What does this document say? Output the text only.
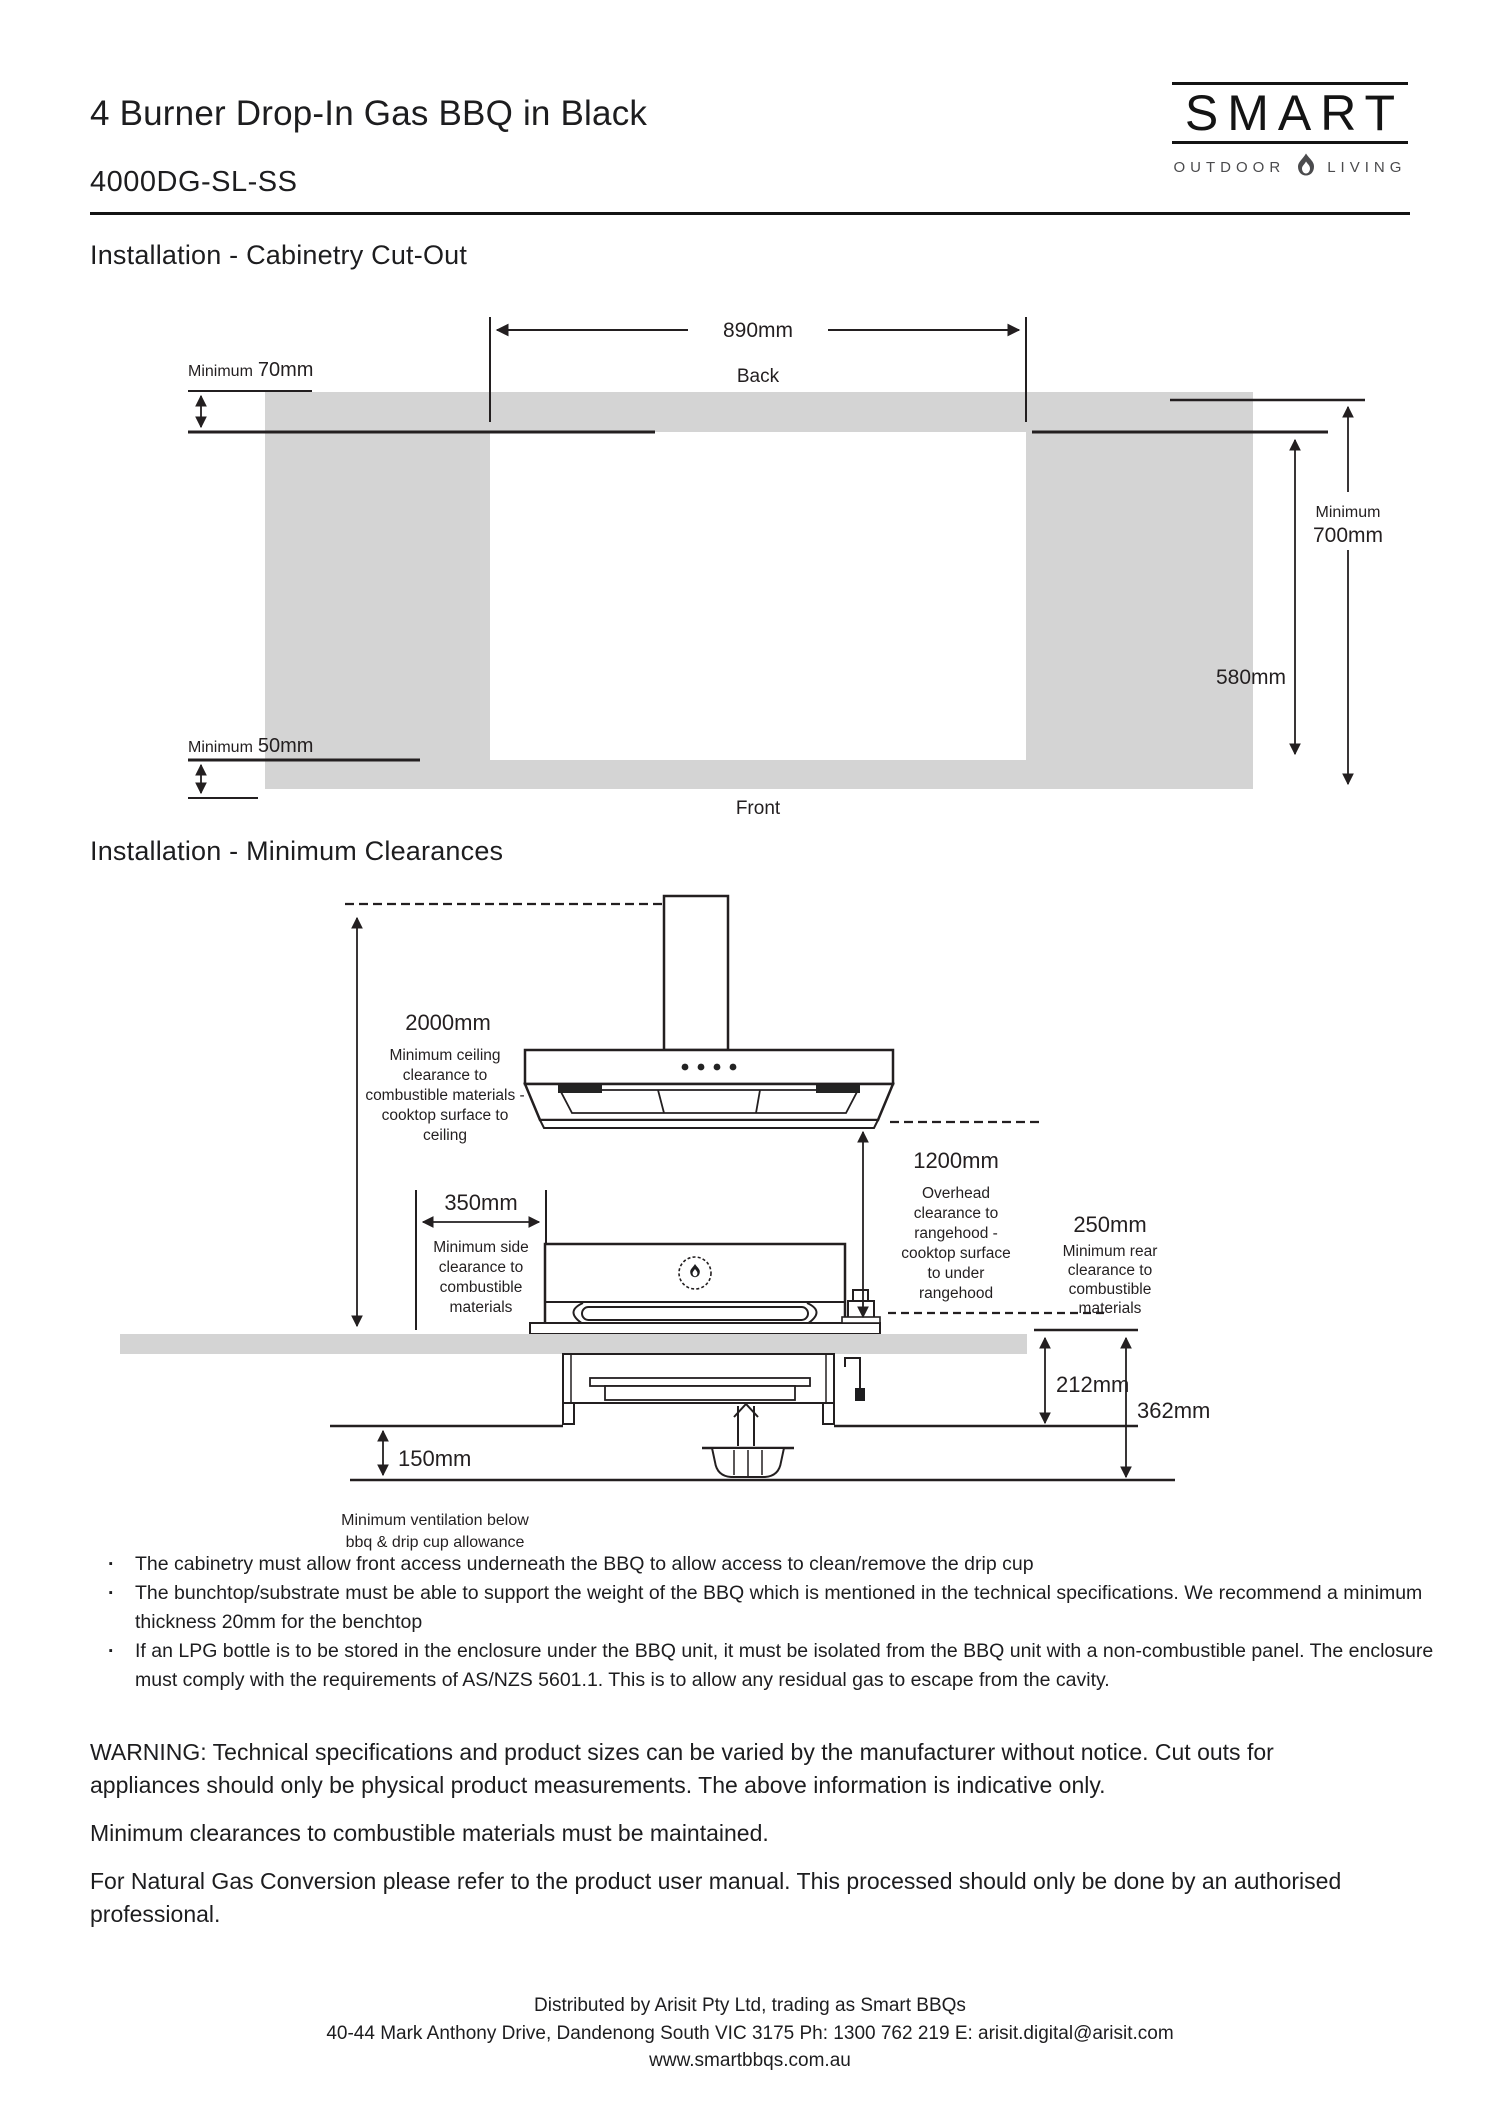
4 Burner Drop-In Gas BBQ in Black
4000DG-SL-SS
SMART
OUTDOOR	LIVING
Installation - Cabinetry Cut-Out
890mm
Back
Minimum 70mm
Minimum 50mm
580mm
Minimum
700mm
Front
Installation - Minimum Clearances
2000mm
Minimum ceiling
clearance to
combustible materials -
cooktop surface to
ceiling
350mm
Minimum side
clearance to
combustible
materials
1200mm
Overhead
clearance to
rangehood -
cooktop surface
to under
rangehood
250mm
Minimum rear
clearance to
combustible
materials
150mm
Minimum ventilation below
bbq & drip cup allowance
212mm
362mm
· The cabinetry must allow front access underneath the BBQ to allow access to clean/remove the drip cup
· The bunchtop/substrate must be able to support the weight of the BBQ which is mentioned in the technical specifications. We recommend a minimum thickness 20mm for the benchtop
· If an LPG bottle is to be stored in the enclosure under the BBQ unit, it must be isolated from the BBQ unit with a non-combustible panel. The enclosure must comply with the requirements of AS/NZS 5601.1. This is to allow any residual gas to escape from the cavity.

WARNING: Technical specifications and product sizes can be varied by the manufacturer without notice. Cut outs for appliances should only be physical product measurements. The above information is indicative only.

Minimum clearances to combustible materials must be maintained.

For Natural Gas Conversion please refer to the product user manual. This processed should only be done by an authorised professional.

Distributed by Arisit Pty Ltd, trading as Smart BBQs

40-44 Mark Anthony Drive, Dandenong South VIC 3175 Ph: 1300 762 219 E: arisit.digital@arisit.com

www.smartbbqs.com.au
